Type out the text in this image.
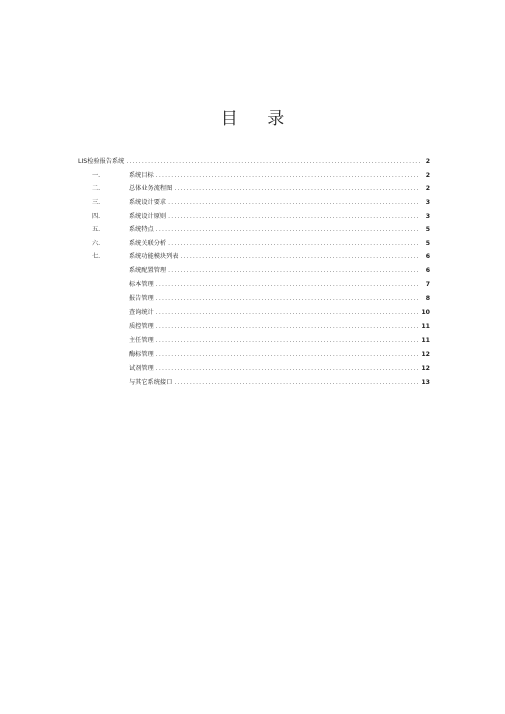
目 录
LIS检验报告系统 .....	2
一.	系统目标 .....	2
二.	总体业务流程图 .....	2
三.	系统设计要求 .....	3
四.	系统设计原则 .....	3
五.	系统特点 .....	5
六.	系统关联分析 .....	5
七.	系统功能模块列表 .....	6
系统配置管理 .....	6
标本管理 .....	7
报告管理 .....	8
查询统计 .....	10
质控管理 .....	11
主任管理 .....	11
酶标管理 .....	12
试剂管理 .....	12
与其它系统接口 .....	13
